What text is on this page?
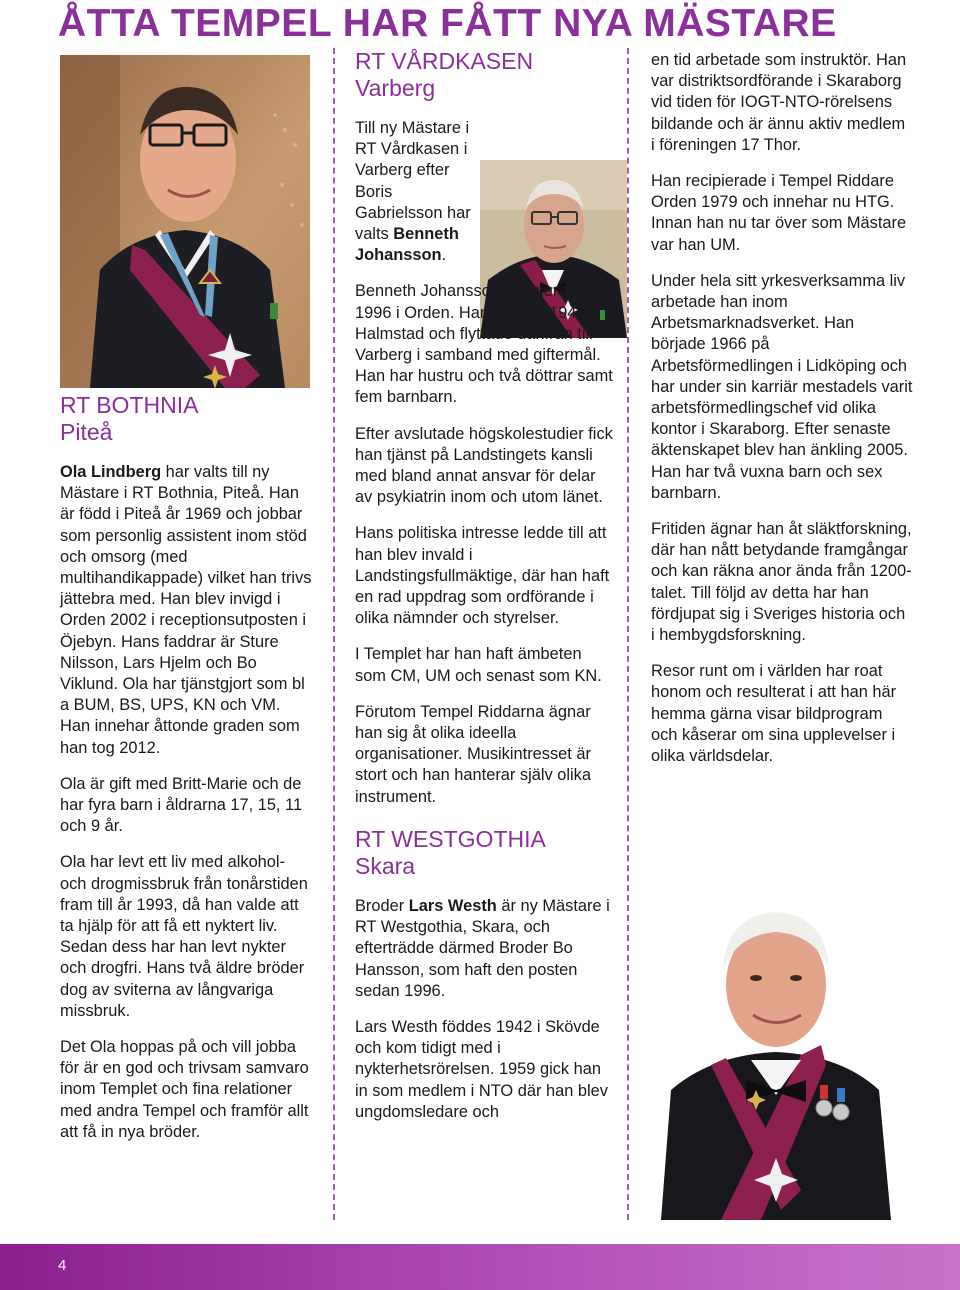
ÅTTA TEMPEL HAR FÅTT NYA MÄSTARE
RT BOTHNIA
Piteå

Ola Lindberg har valts till ny Mästare i RT Bothnia, Piteå. Han är född i Piteå år 1969 och jobbar som personlig assistent inom stöd och omsorg (med multihandikappade) vilket han trivs jättebra med. Han blev invigd i Orden 2002 i receptionsutposten i Öjebyn. Hans faddrar är Sture Nilsson, Lars Hjelm och Bo Viklund. Ola har tjänstgjort som bl a BUM, BS, UPS, KN och VM. Han innehar åttonde graden som han tog 2012.

Ola är gift med Britt-Marie och de har fyra barn i åldrarna 17, 15, 11 och 9 år.

Ola har levt ett liv med alkohol- och drogmissbruk från tonårstiden fram till år 1993, då han valde att ta hjälp för att få ett nyktert liv. Sedan dess har han levt nykter och drogfri. Hans två äldre bröder dog av sviterna av långvariga missbruk.

Det Ola hoppas på och vill jobba för är en god och trivsam samvaro inom Templet och fina relationer med andra Tempel och framför allt att få in nya bröder.

RT VÅRDKASEN
Varberg

Till ny Mästare i RT Vårdkasen i Varberg efter Boris Gabrielsson har valts Benneth Johansson.

Benneth Johansson recipierade 1996 i Orden. Han är född 1944 i Halmstad och flyttade därifrån till Varberg i samband med giftermål. Han har hustru och två döttrar samt fem barnbarn.

Efter avslutade högskolestudier fick han tjänst på Landstingets kansli med bland annat ansvar för delar av psykiatrin inom och utom länet.

Hans politiska intresse ledde till att han blev invald i Landstingsfullmäktige, där han haft en rad uppdrag som ordförande i olika nämnder och styrelser.

I Templet har han haft ämbeten som CM, UM och senast som KN.

Förutom Tempel Riddarna ägnar han sig åt olika ideella organisationer. Musikintresset är stort och han hanterar själv olika instrument.

RT WESTGOTHIA
Skara

Broder Lars Westh är ny Mästare i RT Westgothia, Skara, och efterträdde därmed Broder Bo Hansson, som haft den posten sedan 1996.

Lars Westh föddes 1942 i Skövde och kom tidigt med i nykterhetsrörelsen. 1959 gick han in som medlem i NTO där han blev ungdomsledare och

en tid arbetade som instruktör. Han var distriktsordförande i Skaraborg vid tiden för IOGT-NTO-rörelsens bildande och är ännu aktiv medlem i föreningen 17 Thor.

Han recipierade i Tempel Riddare Orden 1979 och innehar nu HTG. Innan han nu tar över som Mästare var han UM.

Under hela sitt yrkesverksamma liv arbetade han inom Arbetsmarknadsverket. Han började 1966 på Arbetsförmedlingen i Lidköping och har under sin karriär mestadels varit arbetsförmedlingschef vid olika kontor i Skaraborg. Efter senaste äktenskapet blev han änkling 2005. Han har två vuxna barn och sex barnbarn.

Fritiden ägnar han åt släktforskning, där han nått betydande framgångar och kan räkna anor ända från 1200-talet. Till följd av detta har han fördjupat sig i Sveriges historia och i hembygdsforskning.

Resor runt om i världen har roat honom och resulterat i att han här hemma gärna visar bildprogram och kåserar om sina upplevelser i olika världsdelar.

4
